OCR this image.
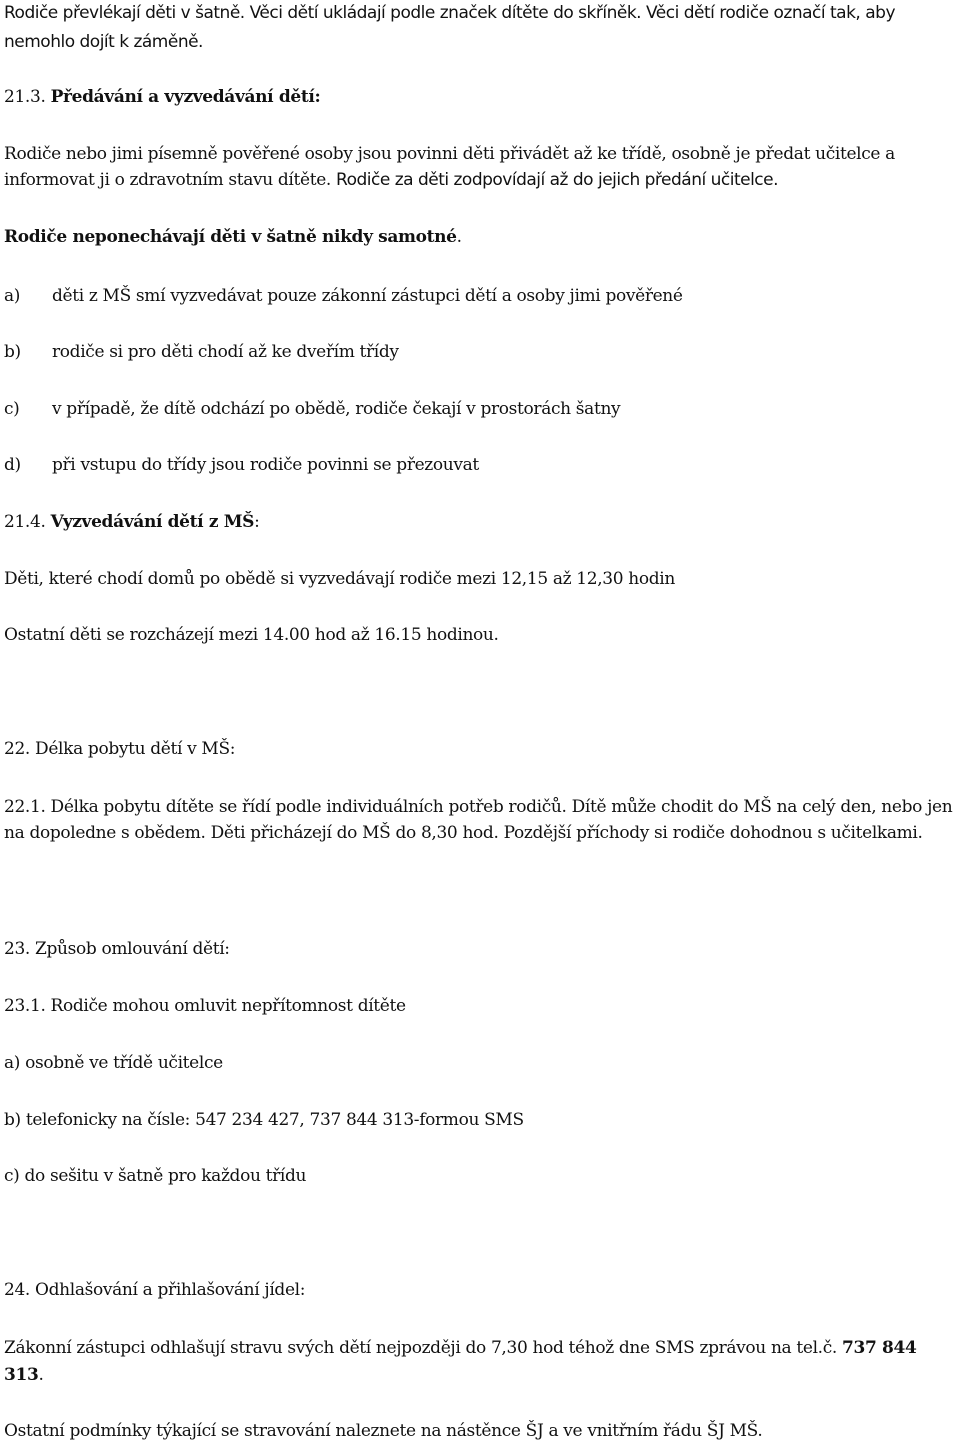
Rodiče převlékají děti v šatně. Věci dětí ukládají podle značek dítěte do skříněk. Věci dětí rodiče označí tak, aby
nemohlo dojít k záměně.
21.3. Předávání a vyzvedávání dětí:
Rodiče nebo jimi písemně pověřené osoby jsou povinni děti přivádět až ke třídě, osobně je předat učitelce a
informovat ji o zdravotním stavu dítěte. Rodiče za děti zodpovídají až do jejich předání učitelce.
Rodiče neponechávají děti v šatně nikdy samotné.
a) děti z MŠ smí vyzvedávat pouze zákonní zástupci dětí a osoby jimi pověřené
b) rodiče si pro děti chodí až ke dveřím třídy
c) v případě, že dítě odchází po obědě, rodiče čekají v prostorách šatny
d) při vstupu do třídy jsou rodiče povinni se přezouvat
21.4. Vyzvedávání dětí z MŠ:
Děti, které chodí domů po obědě si vyzvedávají rodiče mezi 12,15 až 12,30 hodin
Ostatní děti se rozcházejí mezi 14.00 hod až 16.15 hodinou.
22. Délka pobytu dětí v MŠ:
22.1. Délka pobytu dítěte se řídí podle individuálních potřeb rodičů. Dítě může chodit do MŠ na celý den, nebo jen
na dopoledne s obědem. Děti přicházejí do MŠ do 8,30 hod. Pozdější příchody si rodiče dohodnou s učitelkami.
23. Způsob omlouvání dětí:
23.1. Rodiče mohou omluvit nepřítomnost dítěte
a) osobně ve třídě učitelce
b) telefonicky na čísle: 547 234 427, 737 844 313-formou SMS
c) do sešitu v šatně pro každou třídu
24. Odhlašování a přihlašování jídel:
Zákonní zástupci odhlašují stravu svých dětí nejpozději do 7,30 hod téhož dne SMS zprávou na tel.č. 737 844
313.
Ostatní podmínky týkající se stravování naleznete na nástěnce ŠJ a ve vnitřním řádu ŠJ MŠ.
